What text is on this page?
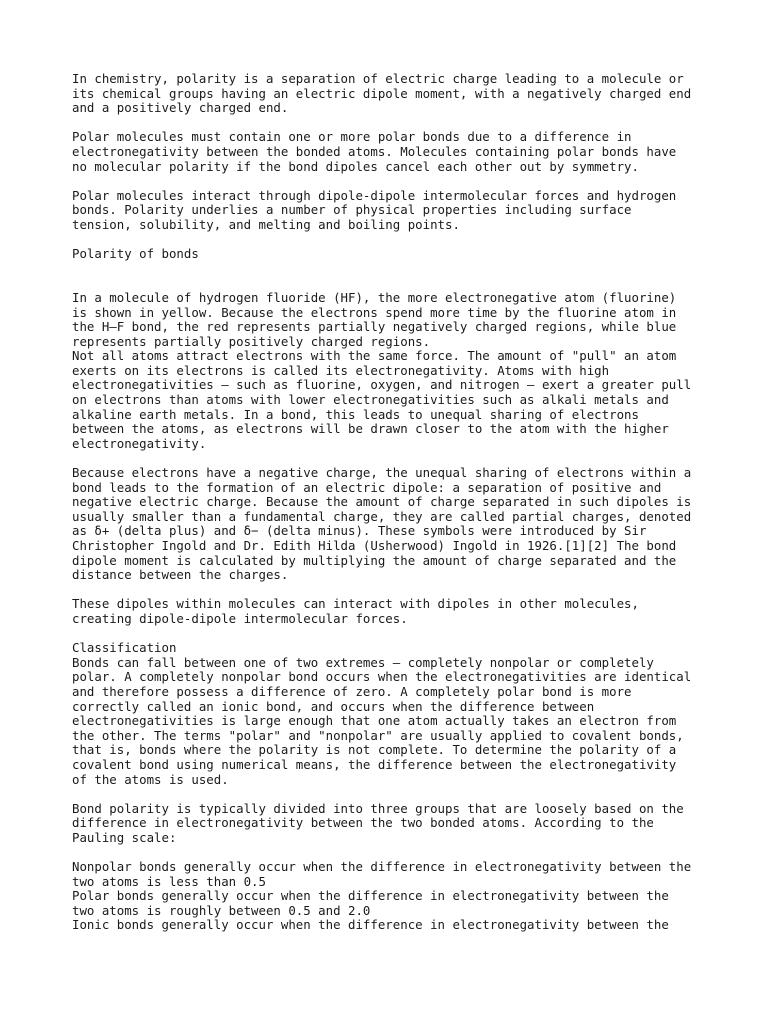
In chemistry, polarity is a separation of electric charge leading to a molecule or
its chemical groups having an electric dipole moment, with a negatively charged end
and a positively charged end.
Polar molecules must contain one or more polar bonds due to a difference in
electronegativity between the bonded atoms. Molecules containing polar bonds have
no molecular polarity if the bond dipoles cancel each other out by symmetry.
Polar molecules interact through dipole-dipole intermolecular forces and hydrogen
bonds. Polarity underlies a number of physical properties including surface
tension, solubility, and melting and boiling points.
Polarity of bonds
In a molecule of hydrogen fluoride (HF), the more electronegative atom (fluorine)
is shown in yellow. Because the electrons spend more time by the fluorine atom in
the H—F bond, the red represents partially negatively charged regions, while blue
represents partially positively charged regions.
Not all atoms attract electrons with the same force. The amount of "pull" an atom
exerts on its electrons is called its electronegativity. Atoms with high
electronegativities – such as fluorine, oxygen, and nitrogen – exert a greater pull
on electrons than atoms with lower electronegativities such as alkali metals and
alkaline earth metals. In a bond, this leads to unequal sharing of electrons
between the atoms, as electrons will be drawn closer to the atom with the higher
electronegativity.
Because electrons have a negative charge, the unequal sharing of electrons within a
bond leads to the formation of an electric dipole: a separation of positive and
negative electric charge. Because the amount of charge separated in such dipoles is
usually smaller than a fundamental charge, they are called partial charges, denoted
as δ+ (delta plus) and δ− (delta minus). These symbols were introduced by Sir
Christopher Ingold and Dr. Edith Hilda (Usherwood) Ingold in 1926.[1][2] The bond
dipole moment is calculated by multiplying the amount of charge separated and the
distance between the charges.
These dipoles within molecules can interact with dipoles in other molecules,
creating dipole-dipole intermolecular forces.
Classification
Bonds can fall between one of two extremes – completely nonpolar or completely
polar. A completely nonpolar bond occurs when the electronegativities are identical
and therefore possess a difference of zero. A completely polar bond is more
correctly called an ionic bond, and occurs when the difference between
electronegativities is large enough that one atom actually takes an electron from
the other. The terms "polar" and "nonpolar" are usually applied to covalent bonds,
that is, bonds where the polarity is not complete. To determine the polarity of a
covalent bond using numerical means, the difference between the electronegativity
of the atoms is used.
Bond polarity is typically divided into three groups that are loosely based on the
difference in electronegativity between the two bonded atoms. According to the
Pauling scale:
Nonpolar bonds generally occur when the difference in electronegativity between the
two atoms is less than 0.5
Polar bonds generally occur when the difference in electronegativity between the
two atoms is roughly between 0.5 and 2.0
Ionic bonds generally occur when the difference in electronegativity between the
